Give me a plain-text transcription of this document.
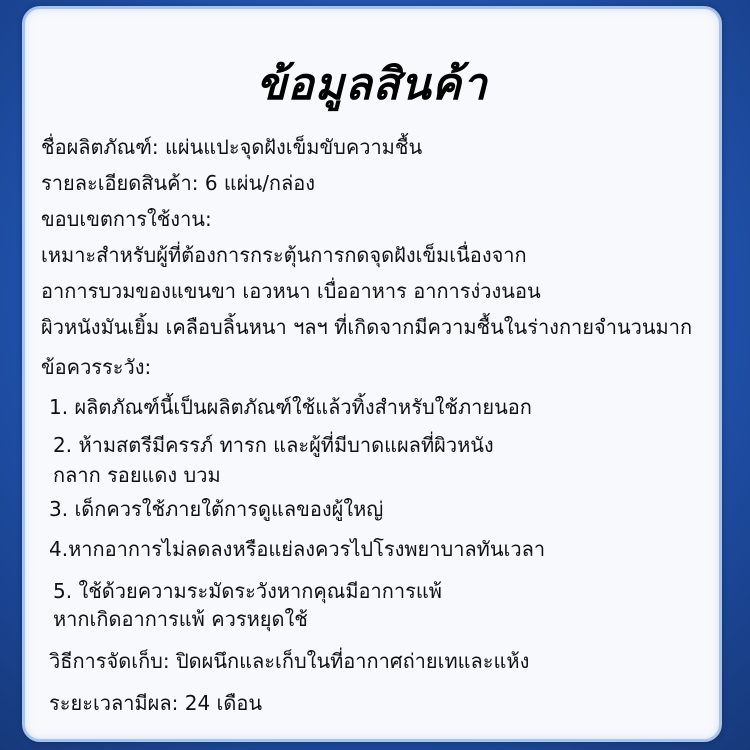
ข้อมูลสินค้า
ชื่อผลิตภัณฑ์: แผ่นแปะจุดฝังเข็มขับความชื้น
รายละเอียดสินค้า: 6 แผ่น/กล่อง
ขอบเขตการใช้งาน:
เหมาะสำหรับผู้ที่ต้องการกระตุ้นการกดจุดฝังเข็มเนื่องจาก
อาการบวมของแขนขา เอวหนา เบื่ออาหาร อาการง่วงนอน
ผิวหนังมันเยิ้ม เคลือบลิ้นหนา ฯลฯ ที่เกิดจากมีความชื้นในร่างกายจำนวนมาก
ข้อควรระวัง:
1. ผลิตภัณฑ์นี้เป็นผลิตภัณฑ์ใช้แล้วทิ้งสำหรับใช้ภายนอก
2. ห้ามสตรีมีครรภ์ ทารก และผู้ที่มีบาดแผลที่ผิวหนัง
กลาก รอยแดง บวม
3. เด็กควรใช้ภายใต้การดูแลของผู้ใหญ่
4.หากอาการไม่ลดลงหรือแย่ลงควรไปโรงพยาบาลทันเวลา
5. ใช้ด้วยความระมัดระวังหากคุณมีอาการแพ้
หากเกิดอาการแพ้ ควรหยุดใช้
วิธีการจัดเก็บ: ปิดผนึกและเก็บในที่อากาศถ่ายเทและแห้ง
ระยะเวลามีผล: 24 เดือน
